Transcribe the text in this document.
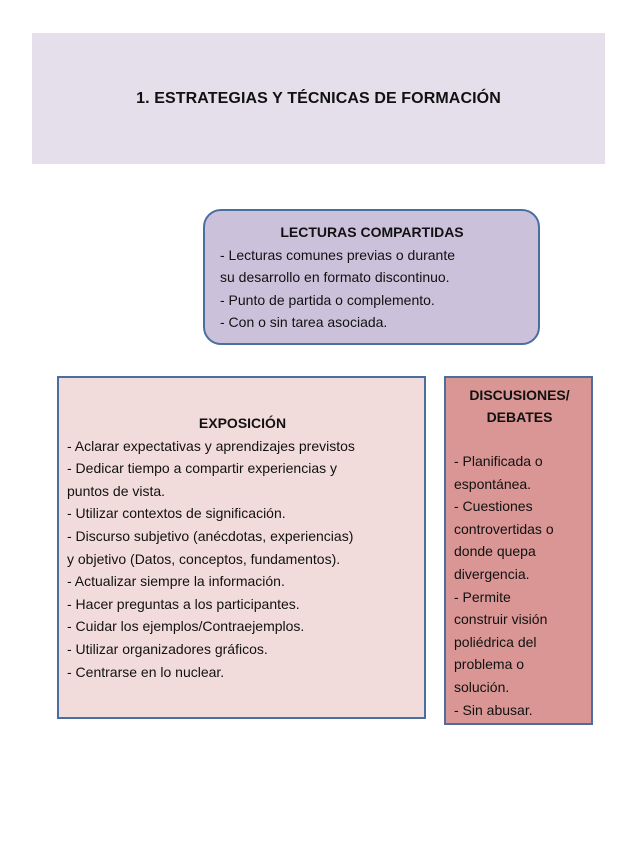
1. ESTRATEGIAS Y TÉCNICAS DE FORMACIÓN
LECTURAS COMPARTIDAS
- Lecturas comunes previas o durante
su desarrollo en formato discontinuo.
- Punto de partida o complemento.
- Con o sin tarea asociada.
EXPOSICIÓN
- Aclarar expectativas y aprendizajes previstos
- Dedicar tiempo a compartir experiencias y
puntos de vista.
- Utilizar contextos de significación.
- Discurso subjetivo (anécdotas, experiencias)
y objetivo (Datos, conceptos, fundamentos).
- Actualizar siempre la información.
- Hacer preguntas a los participantes.
- Cuidar los ejemplos/Contraejemplos.
- Utilizar organizadores gráficos.
- Centrarse en lo nuclear.
DISCUSIONES/
DEBATES
- Planificada o
espontánea.
- Cuestiones
controvertidas o
donde quepa
divergencia.
- Permite
construir visión
poliédrica del
problema o
solución.
- Sin abusar.
